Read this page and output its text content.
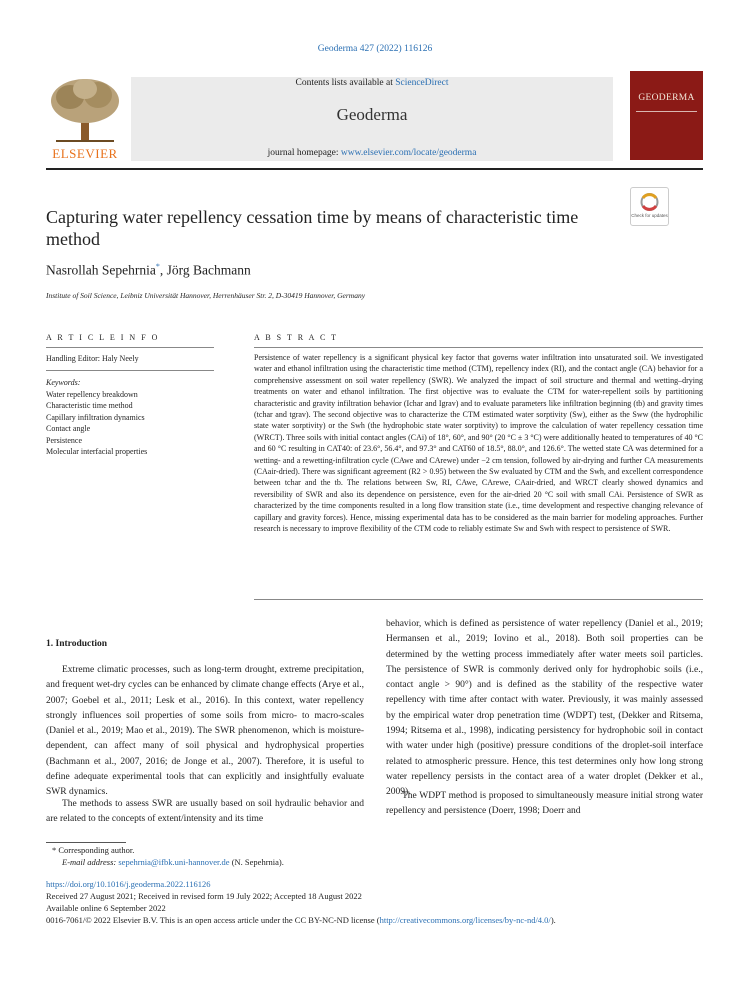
Geoderma 427 (2022) 116126
ELSEVIER
Contents lists available at ScienceDirect
Geoderma
journal homepage: www.elsevier.com/locate/geoderma
GEODERMA
Capturing water repellency cessation time by means of characteristic time method
Check for updates
Nasrollah Sepehrnia*, Jörg Bachmann
Institute of Soil Science, Leibniz Universität Hannover, Herrenhäuser Str. 2, D-30419 Hannover, Germany
A R T I C L E I N F O
Handling Editor: Haly Neely
Keywords:
Water repellency breakdown
Characteristic time method
Capillary infiltration dynamics
Contact angle
Persistence
Molecular interfacial properties
A B S T R A C T
Persistence of water repellency is a significant physical key factor that governs water infiltration into unsaturated soil. We investigated water and ethanol infiltration using the characteristic time method (CTM), repellency index (RI), and the contact angle (CA) behavior for a comprehensive assessment on soil water repellency (SWR). We analyzed the impact of soil structure and thermal and wetting–drying treatments on water and ethanol infiltration. The first objective was to evaluate the CTM for water-repellent soils by partitioning characteristic and gravity infiltration behavior (Ichar and Igrav) and to evaluate parameters like infiltration beginning (tb) and gravity times (tchar and tgrav). The second objective was to characterize the CTM estimated water sorptivity (Sw), either as the Sww (the hydrophilic state water sorptivity) or the Swh (the hydrophobic state water sorptivity) to improve the calculation of water repellency cessation time (WRCT). Three soils with initial contact angles (CAi) of 18°, 60°, and 90° (20 °C ± 3 °C) were additionally heated to temperatures of 40 °C and 60 °C resulting in CAT40: of 23.6°, 56.4°, and 97.3° and CAT60 of 18.5°, 88.0°, and 126.6°. The wetted state CA was determined for a wetting- and a rewetting-infiltration cycle (CAwe and CArewe) under −2 cm tension, followed by air-drying and further CA measurements (CAair-dried). There was significant agreement (R2 > 0.95) between the Sw evaluated by CTM and the Swh, and excellent correspondence between tchar and the tb. The relations between Sw, RI, CAwe, CArewe, CAair-dried, and WRCT clearly showed dynamics and reversibility of SWR and also its dependence on persistence, even for the air-dried 20 °C soil with small CAi. Persistence of SWR as characterized by the time components resulted in a long flow transition state (i.e., time development and respective changing relevance of capillary and gravity forces). Hence, missing experimental data has to be considered as the main barrier for modeling approaches. Further research is necessary to improve flexibility of the CTM code to reliably estimate Sw and Swh with respect to persistence of SWR.
1. Introduction
Extreme climatic processes, such as long-term drought, extreme precipitation, and frequent wet-dry cycles can be enhanced by climate change effects (Arye et al., 2007; Goebel et al., 2011; Lesk et al., 2016). In this context, water repellency strongly influences soil properties of some soils from micro- to macro-scales (Daniel et al., 2019; Mao et al., 2019). The SWR phenomenon, which is moisture-dependent, can affect many of soil physical and hydrophysical properties (Bachmann et al., 2007, 2016; de Jonge et al., 2007). Therefore, it is useful to define adequate experimental tools that can explicitly and insightfully evaluate SWR dynamics.
The methods to assess SWR are usually based on soil hydraulic behavior and are related to the concepts of extent/intensity and its time
behavior, which is defined as persistence of water repellency (Daniel et al., 2019; Hermansen et al., 2019; Iovino et al., 2018). Both soil properties can be determined by the wetting process immediately after water meets soil particles. The persistence of SWR is commonly derived only for hydrophobic soils (i.e., contact angle > 90°) and is defined as the stability of the respective water repellency with time after contact with water. Previously, it was mainly assessed by the empirical water drop penetration time (WDPT) test, (Dekker and Ritsema, 1994; Ritsema et al., 1998), indicating persistency for hydrophobic soil in contact with water under high (positive) pressure conditions of the droplet-soil interface related to atmospheric pressure. Hence, this test determines only how long strong water repellency persists in the contact area of a water droplet (Dekker et al., 2009).
The WDPT method is proposed to simultaneously measure initial strong water repellency and persistence (Doerr, 1998; Doerr and
* Corresponding author.
E-mail address: sepehrnia@ifbk.uni-hannover.de (N. Sepehrnia).
https://doi.org/10.1016/j.geoderma.2022.116126
Received 27 August 2021; Received in revised form 19 July 2022; Accepted 18 August 2022
Available online 6 September 2022
0016-7061/© 2022 Elsevier B.V. This is an open access article under the CC BY-NC-ND license (http://creativecommons.org/licenses/by-nc-nd/4.0/).
